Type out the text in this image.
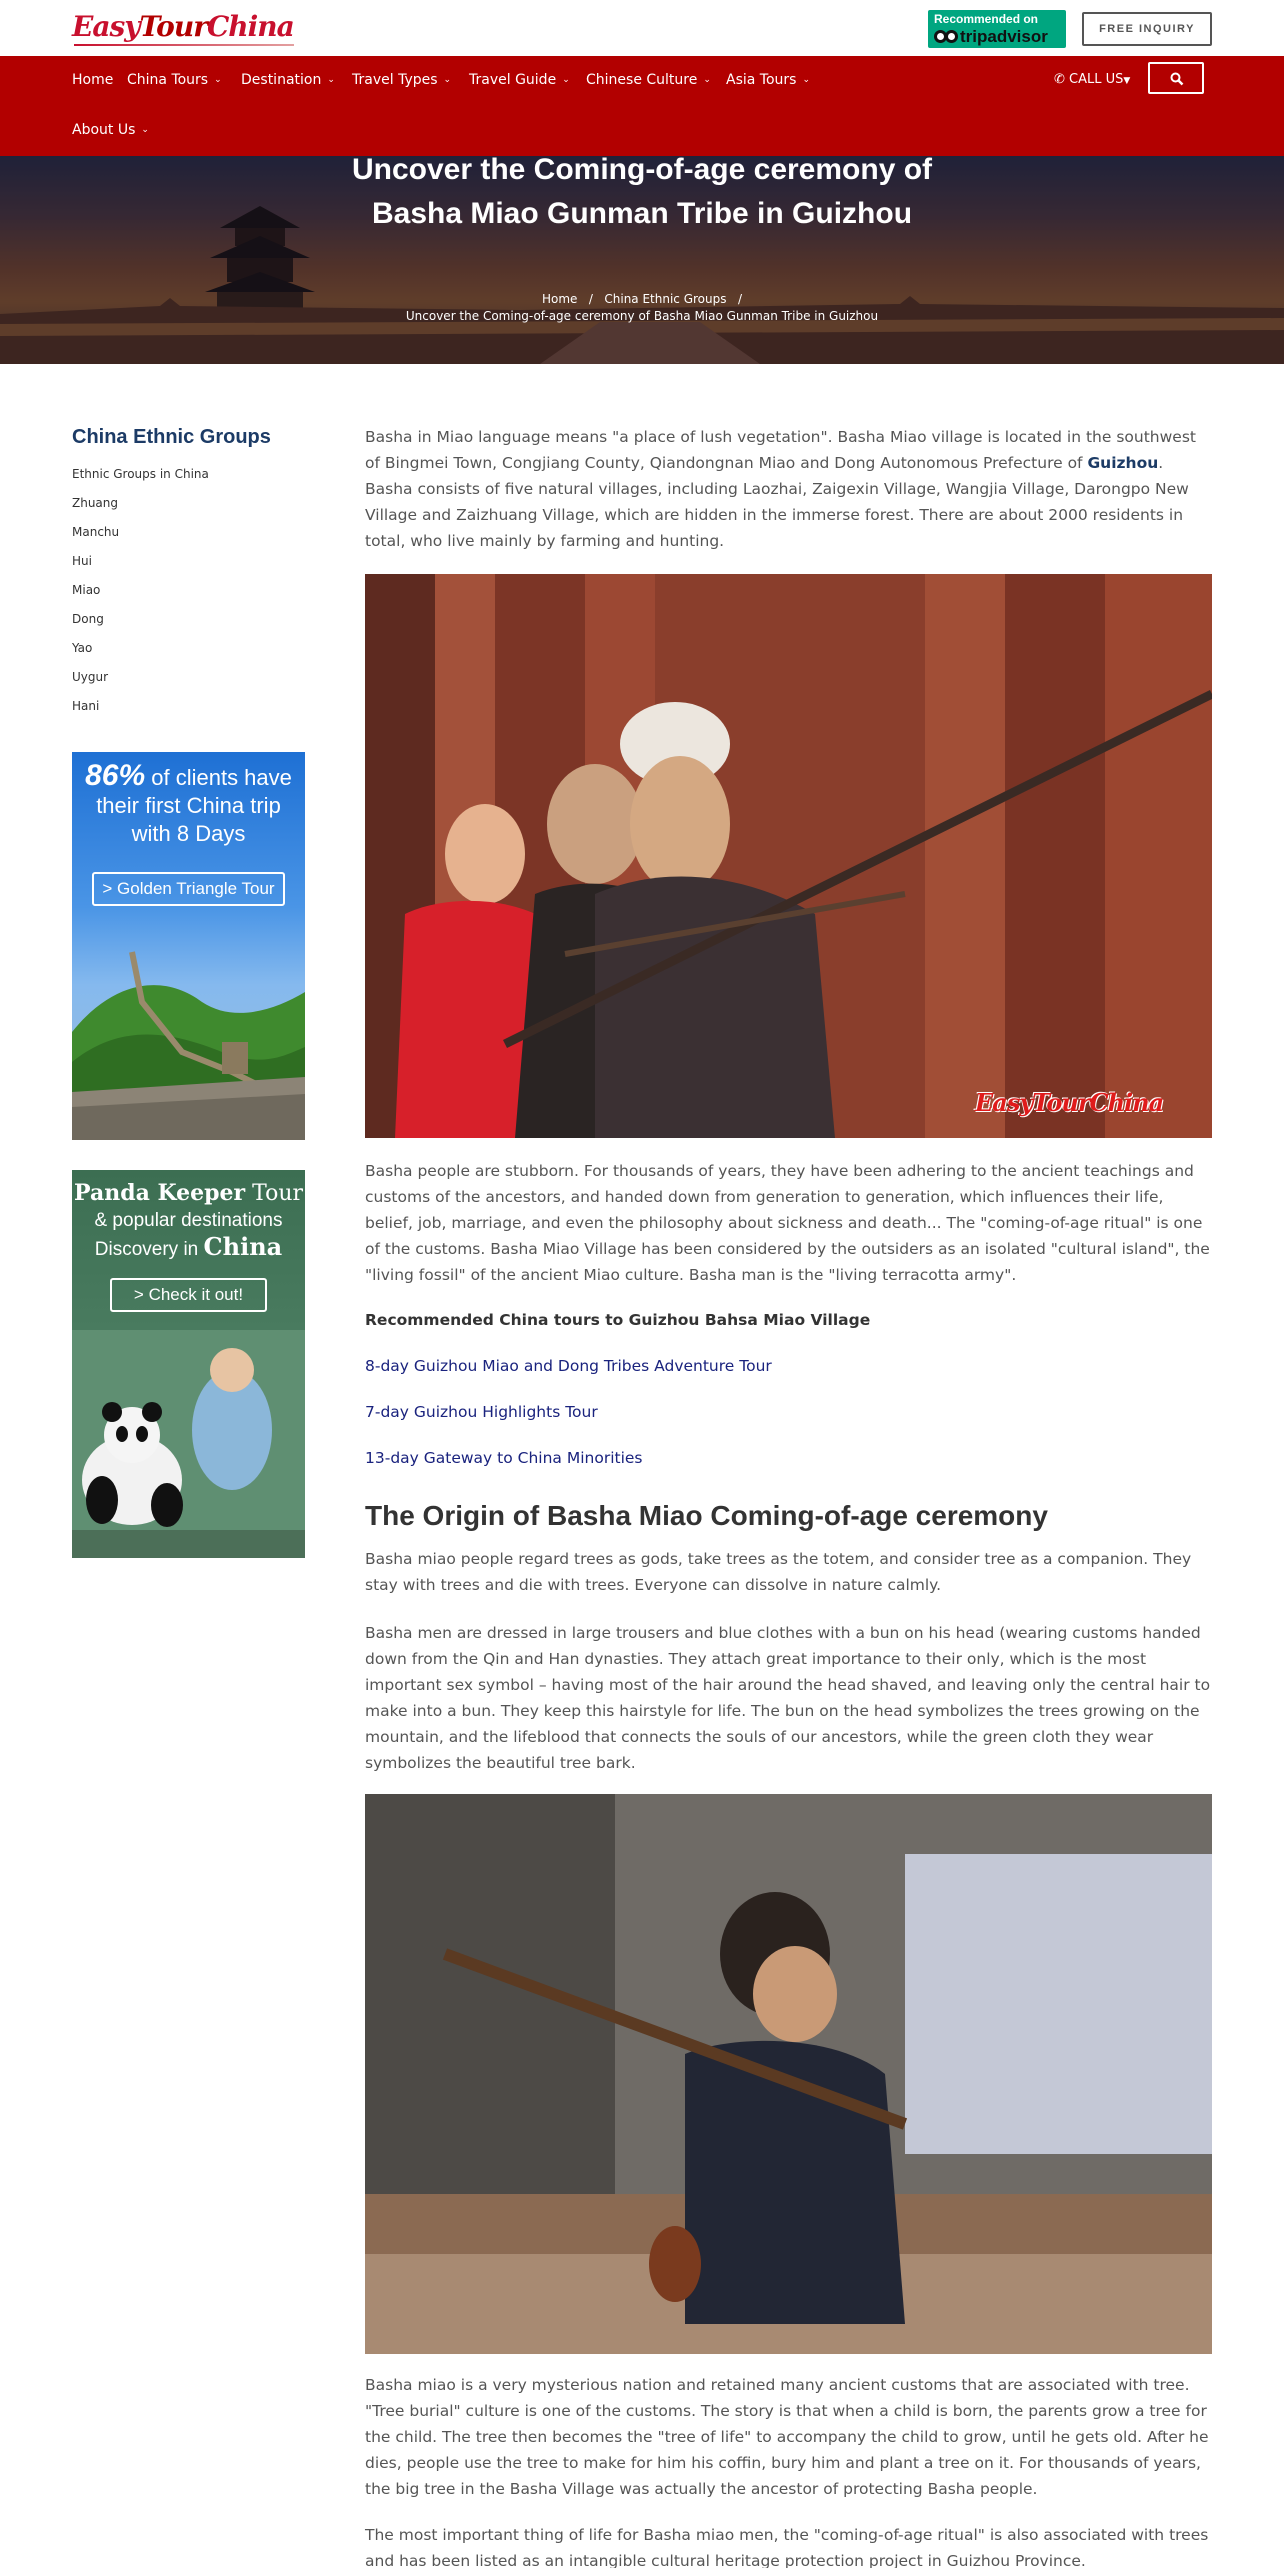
EasyTourChina	Recommended on
tripadvisor	FREE INQUIRY
Home China Tours ⌄ Destination ⌄ Travel Types ⌄ Travel Guide ⌄ Chinese Culture ⌄ Asia Tours ⌄
About Us ⌄
✆ CALL US▼
Uncover the Coming-of-age ceremony of Basha Miao Gunman Tribe in Guizhou
Home / China Ethnic Groups /
Uncover the Coming-of-age ceremony of Basha Miao Gunman Tribe in Guizhou
China Ethnic Groups
Ethnic Groups in China
Zhuang
Manchu
Hui
Miao
Dong
Yao
Uygur
Hani
86% of clients have
their first China trip
with 8 Days
> Golden Triangle Tour
Panda Keeper Tour
& popular destinations
Discovery in China
> Check it out!

Basha in Miao language means "a place of lush vegetation". Basha Miao village is located in the southwest of Bingmei Town, Congjiang County, Qiandongnan Miao and Dong Autonomous Prefecture of Guizhou. Basha consists of five natural villages, including Laozhai, Zaigexin Village, Wangjia Village, Darongpo New Village and Zaizhuang Village, which are hidden in the immerse forest. There are about 2000 residents in total, who live mainly by farming and hunting.

EasyTourChina

Basha people are stubborn. For thousands of years, they have been adhering to the ancient teachings and customs of the ancestors, and handed down from generation to generation, which influences their life, belief, job, marriage, and even the philosophy about sickness and death... The "coming-of-age ritual" is one of the customs. Basha Miao Village has been considered by the outsiders as an isolated "cultural island", the "living fossil" of the ancient Miao culture. Basha man is the "living terracotta army".

Recommended China tours to Guizhou Bahsa Miao Village
8-day Guizhou Miao and Dong Tribes Adventure Tour
7-day Guizhou Highlights Tour
13-day Gateway to China Minorities
The Origin of Basha Miao Coming-of-age ceremony

Basha miao people regard trees as gods, take trees as the totem, and consider tree as a companion. They stay with trees and die with trees. Everyone can dissolve in nature calmly.

Basha men are dressed in large trousers and blue clothes with a bun on his head (wearing customs handed down from the Qin and Han dynasties. They attach great importance to their only, which is the most important sex symbol – having most of the hair around the head shaved, and leaving only the central hair to make into a bun. They keep this hairstyle for life. The bun on the head symbolizes the trees growing on the mountain, and the lifeblood that connects the souls of our ancestors, while the green cloth they wear symbolizes the beautiful tree bark.

Basha miao is a very mysterious nation and retained many ancient customs that are associated with tree. "Tree burial" culture is one of the customs. The story is that when a child is born, the parents grow a tree for the child. The tree then becomes the "tree of life" to accompany the child to grow, until he gets old. After he dies, people use the tree to make for him his coffin, bury him and plant a tree on it. For thousands of years, the big tree in the Basha Village was actually the ancestor of protecting Basha people.

The most important thing of life for Basha miao men, the "coming-of-age ritual" is also associated with trees and has been listed as an intangible cultural heritage protection project in Guizhou Province.
